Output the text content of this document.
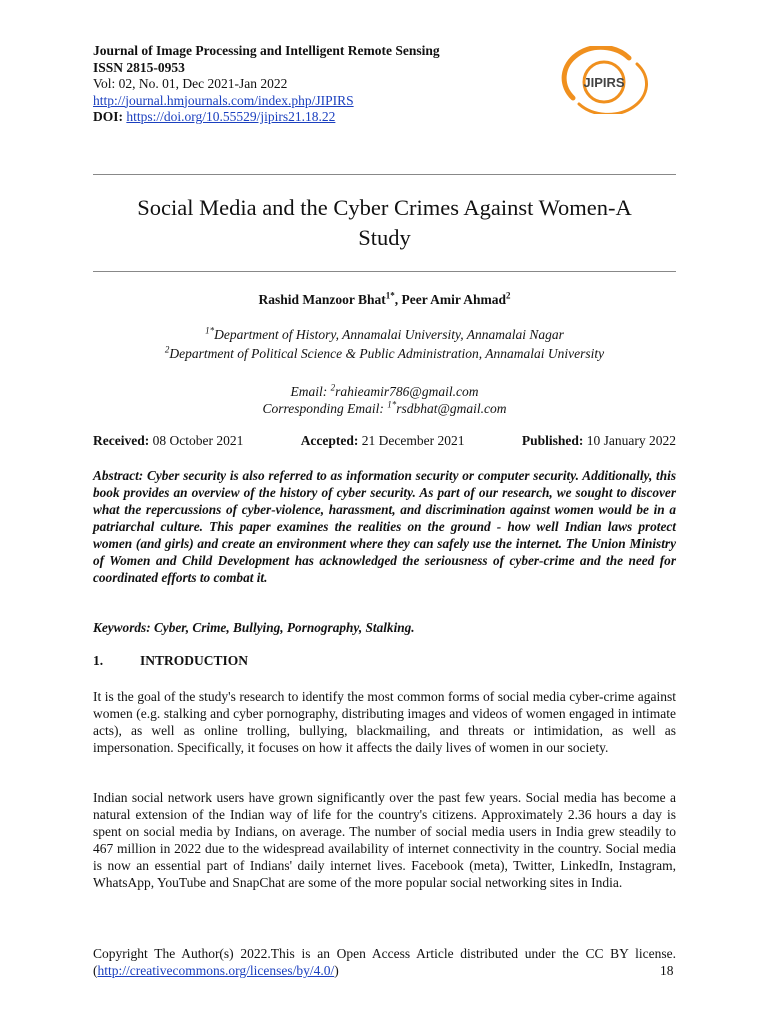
Journal of Image Processing and Intelligent Remote Sensing
ISSN 2815-0953
Vol: 02, No. 01, Dec 2021-Jan 2022
http://journal.hmjournals.com/index.php/JIPIRS
DOI: https://doi.org/10.55529/jipirs21.18.22
JIPIRS
Social Media and the Cyber Crimes Against Women-A
Study
Rashid Manzoor Bhat$^{1*}$, Peer Amir Ahmad$^2$
$^{1*}$Department of History, Annamalai University, Annamalai Nagar
$^2$Department of Political Science & Public Administration, Annamalai University
Email: $^2$rahieamir786@gmail.com
Corresponding Email: $^{1*}$rsdbhat@gmail.com
Received: 08 October 2021	Accepted: 21 December 2021	Published: 10 January 2022

Abstract: Cyber security is also referred to as information security or computer security. Additionally, this book provides an overview of the history of cyber security. As part of our research, we sought to discover what the repercussions of cyber-violence, harassment, and discrimination against women would be in a patriarchal culture. This paper examines the realities on the ground - how well Indian laws protect women (and girls) and create an environment where they can safely use the internet. The Union Ministry of Women and Child Development has acknowledged the seriousness of cyber-crime and the need for coordinated efforts to combat it.

Keywords: Cyber, Crime, Bullying, Pornography, Stalking.
1.	INTRODUCTION

It is the goal of the study's research to identify the most common forms of social media cyber-crime against women (e.g. stalking and cyber pornography, distributing images and videos of women engaged in intimate acts), as well as online trolling, bullying, blackmailing, and threats or intimidation, as well as impersonation. Specifically, it focuses on how it affects the daily lives of women in our society.

Indian social network users have grown significantly over the past few years. Social media has become a natural extension of the Indian way of life for the country's citizens. Approximately 2.36 hours a day is spent on social media by Indians, on average. The number of social media users in India grew steadily to 467 million in 2022 due to the widespread availability of internet connectivity in the country. Social media is now an essential part of Indians' daily internet lives. Facebook (meta), Twitter, LinkedIn, Instagram, WhatsApp, YouTube and SnapChat are some of the more popular social networking sites in India.

Copyright The Author(s) 2022.This is an Open Access Article distributed under the CC BY license. (http://creativecommons.org/licenses/by/4.0/)	18
